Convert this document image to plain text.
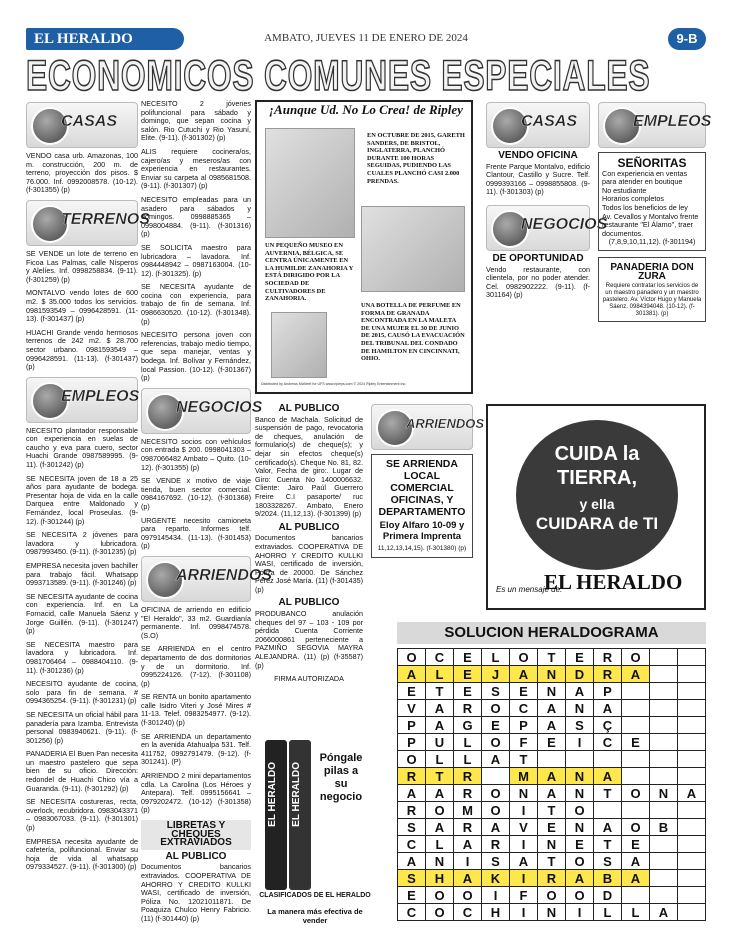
EL HERALDO	AMBATO, JUEVES 11 DE ENERO DE 2024	9-B
ECONOMICOS COMUNES ESPECIALES
CASAS

VENDO casa urb. Amazonas, 100 m. construcción, 200 m. de terreno, proyección dos pisos. $ 76.000. Inf. 0992008578. (10-12). (f-301355) (p)

TERRENOS

SE VENDE un lote de terreno en Ficoa Las Palmas, calle Nísperos y Alelíes. Inf. 0998258834. (9-11). (f-301259) (p)

MONTALVO vendo lotes de 600 m2. $ 35.000 todos los servicios. 0981593549 – 0996428591. (11-13). (f-301437) (p)

HUACHI Grande vendo hermosos terrenos de 242 m2. $ 28.700 sector urbano. 0981593549 – 0996428591. (11-13). (f-301437) (p)

EMPLEOS

NECESITO plantador responsable con experiencia en suelas de caucho y eva para cuero, sector Huachi Grande 0987589995. (9-11). (f-301242) (p)

SE NECESITA joven de 18 a 25 años para ayudante de bodega. Presentar hoja de vida en la calle Darquea entre Maldonado y Fernández, local Proseulas. (9-12). (f-301244) (p)

SE NECESITA 2 jóvenes para lavadora y lubricadora. 0987993450. (9-11). (f-301235) (p)

EMPRESA necesita joven bachiller para trabajo fácil. Whatsapp 0993713589. (9-11). (f-301246) (p)

SE NECESITA ayudante de cocina con experiencia. Inf. en La Fornacid, calle Manuela Sáenz y Jorge Guillén. (9-11). (f-301247) (p)

SE NECESITA maestro para lavadora y lubricadora. Inf. 0981706464 – 0988404110. (9-11). (f-301236) (p)

NECESITO ayudante de cocina, solo para fin de semana. # 0994365254. (9-11). (f-301231) (p)

SE NECESITA un oficial hábil para panadería para Izamba. Entrevista personal 0983940621. (9-11). (f-301256) (p)

PANADERIA El Buen Pan necesita un maestro pastelero que sepa bien de su oficio. Dirección: redondel de Huachi Chico vía a Guaranda. (9-11). (f-301292) (p)

SE NECESITA costureras, recta, overlock, recubridora. 0983043371 – 0983067033. (9-11). (f-301301) (p)

EMPRESA necesita ayudante de cafetería, polifuncional. Enviar su hoja de vida al whatsapp 0979334527. (9-11). (f-301300) (p)

NECESITO 2 jóvenes polifuncional para sábado y domingo, que sepan cocina y salón. Rio Cutuchi y Rio Yasuní, Elite. (9-11). (f-301302) (p)

ALIS requiere cocinera/os, cajero/as y meseros/as con experiencia en restaurantes. Enviar su carpeta al 0985681508. (9-11). (f-301307) (p)

NECESITO empleadas para un asadero para sábados y domingos. 0998885365 – 0998004884. (9-11). (f-301316) (p)

SE SOLICITA maestro para lubricadora – lavadora. Inf. 0984448942 – 0987163004. (10-12). (f-301325). (p)

SE NECESITA ayudante de cocina con experiencia, para trabajo de fin de semana. Inf. 0986630520. (10-12). (f-301348). (p)

NECESITO persona joven con referencias, trabajo medio tiempo, que sepa manejar, ventas y bodega. Inf. Bolívar y Fernández, local Passion. (10-12). (f-301367) (p)

NEGOCIOS

NECESITO socios con vehículos con entrada $ 200. 0998041303 – 0987066482 Ambato – Quito. (10-12). (f-301355) (p)

SE VENDE x motivo de viaje tienda, buen sector comercial. 0984167692. (10-12). (f-301368) (p)

URGENTE necesito camioneta para reparto. Informes telf. 0979145434. (11-13). (f-301453) (p)

ARRIENDOS

OFICINA de arriendo en edificio "El Heraldo", 33 m2. Guardianía permanente. Inf. 0998474578. (S.O)

SE ARRIENDA en el centro departamento de dos dormitorios y de un dormitorio. Inf. 0995224126. (7-12). (f-301108) (p)

SE RENTA un bonito apartamento calle Isidro Viteri y José Mires # 11-13. Telef. 0983254977. (9-12). (f-301240) (p)

SE ARRIENDA un departamento en la avenida Atahualpa 531. Telf. 411752, 0992791479. (9-12). (f-301241). (P)

ARRIENDO 2 mini departamentos cdla. La Carolina (Los Héroes y Antepara). Telf. 0995156641 – 0979202472. (10-12) (f-301358) (p)

LIBRETAS Y CHEQUES EXTRAVIADOS
AL PUBLICO

Documentos bancarios extraviados. COOPERATIVA DE AHORRO Y CREDITO KULLKI WASI, certificado de inversión, Póliza No. 12021011871. De Poaquiza Chulco Henry Fabricio. (11) (f-301440) (p)

¡Aunque Ud. No Lo Crea! de Ripley
EN OCTUBRE DE 2015, GARETH SANDERS, DE BRISTOL, INGLATERRA, PLANCHÓ DURANTE 100 HORAS SEGUIDAS, PUDIENDO LAS CUALES PLANCHÓ CASI 2.000 PRENDAS.
UN PEQUEÑO MUSEO EN AUVERNIA, BÉLGICA, SE CENTRA ÚNICAMENTE EN LA HUMILDE ZANAHORIA Y ESTÁ DIRIGIDO POR LA SOCIEDAD DE CULTIVADORES DE ZANAHORIA.
UNA BOTELLA DE PERFUME EN FORMA DE GRANADA ENCONTRADA EN LA MALETA DE UNA MUJER EL 30 DE JUNIO DE 2015, CAUSÓ LA EVACUACIÓN DEL TRIBUNAL DEL CONDADO DE HAMILTON EN CINCINNATI, OHIO.
Distributed by Andrews McMeel for UFS www.ripleys.com © 2024 Ripley Entertainment Inc.
AL PUBLICO

Banco de Machala. Solicitud de suspensión de pago, revocatoria de cheques, anulación de formulario(s) de cheque(s); y dejar sin efectos cheque(s) certificado(s). Cheque No. 81, 82. Valor, Fecha de giro:. Lugar de Giro: Cuenta No 1400006632. Cliente: Jairo Paúl Guerrero Freire C.I pasaporte/ ruc 1803328267. Ambato, Enero 9/2024. (11,12,13). (f-301399) (p)

AL PUBLICO

Documentos bancarios extraviados. COOPERATIVA DE AHORRO Y CREDITO KULLKI WASI, certificado de inversión, Póliza de 20000. De Sánchez Pérez José María. (11) (f-301435) (p)

AL PUBLICO

PRODUBANCO anulación cheques del 97 – 103 - 109 por pérdida Cuenta Corriente 2066000861 perteneciente a PAZMIÑO SEGOVIA MAYRA ALEJANDRA. (11) (p) (f-35587) (p)

FIRMA AUTORIZADA

ARRIENDOS
SE ARRIENDA LOCAL COMERCIAL OFICINAS, Y DEPARTAMENTO
Eloy Alfaro 10-09 y Primera Imprenta
11,12,13,14,15). (f-301380) (p)
EL HERALDO EL HERALDO
Póngale pilas a su negocio
CLASIFICADOS DE EL HERALDO
La manera más efectiva de vender
CASAS
VENDO OFICINA

Frente Parque Montalvo, edificio Clantour, Castillo y Sucre. Telf. 0999393166 – 0998855808. (9-11). (f-301303) (p)

NEGOCIOS
DE OPORTUNIDAD

Vendo restaurante, con clientela, por no poder atender. Cel. 0982902222. (9-11). (f-301164) (p)

EMPLEOS
SEÑORITAS
Con experiencia en ventas para atender en boutique
No estudiante
Horarios completos
Todos los beneficios de ley
Av. Cevallos y Montalvo frente restaurante "El Álamo", traer documentos.
(7,8,9,10,11,12). (f-301194)
PANADERIA DON ZURA
Requiere contratar los servicios de un maestro panadero y un maestro pastelero. Av. Víctor Hugo y Manuela Sáenz. 0984394048. (10-12). (f-301381). (p)
CUIDA la
TIERRA,
y ella
CUIDARA de TI
Es un mensaje de:
EL HERALDO
SOLUCION HERALDOGRAMA
O	C	E	L	O	T	E	R	O		
A	L	E	J	A	N	D	R	A		
E	T	E	S	E	N	A	P			
V	A	R	O	C	A	N	A			
P	A	G	E	P	A	S	Ç			
P	U	L	O	F	E	I	C	E		
O	L	L	A	T						
R	T	R		M	A	N	A			
A	A	R	O	N	A	N	T	O	N	A
R	O	M	O	I	T	O				
S	A	R	A	V	E	N	A	O	B	
C	L	A	R	I	N	E	T	E		
A	N	I	S	A	T	O	S	A		
S	H	A	K	I	R	A	B	A		
E	O	O	I	F	O	O	D			
C	O	C	H	I	N	I	L	L	A	
